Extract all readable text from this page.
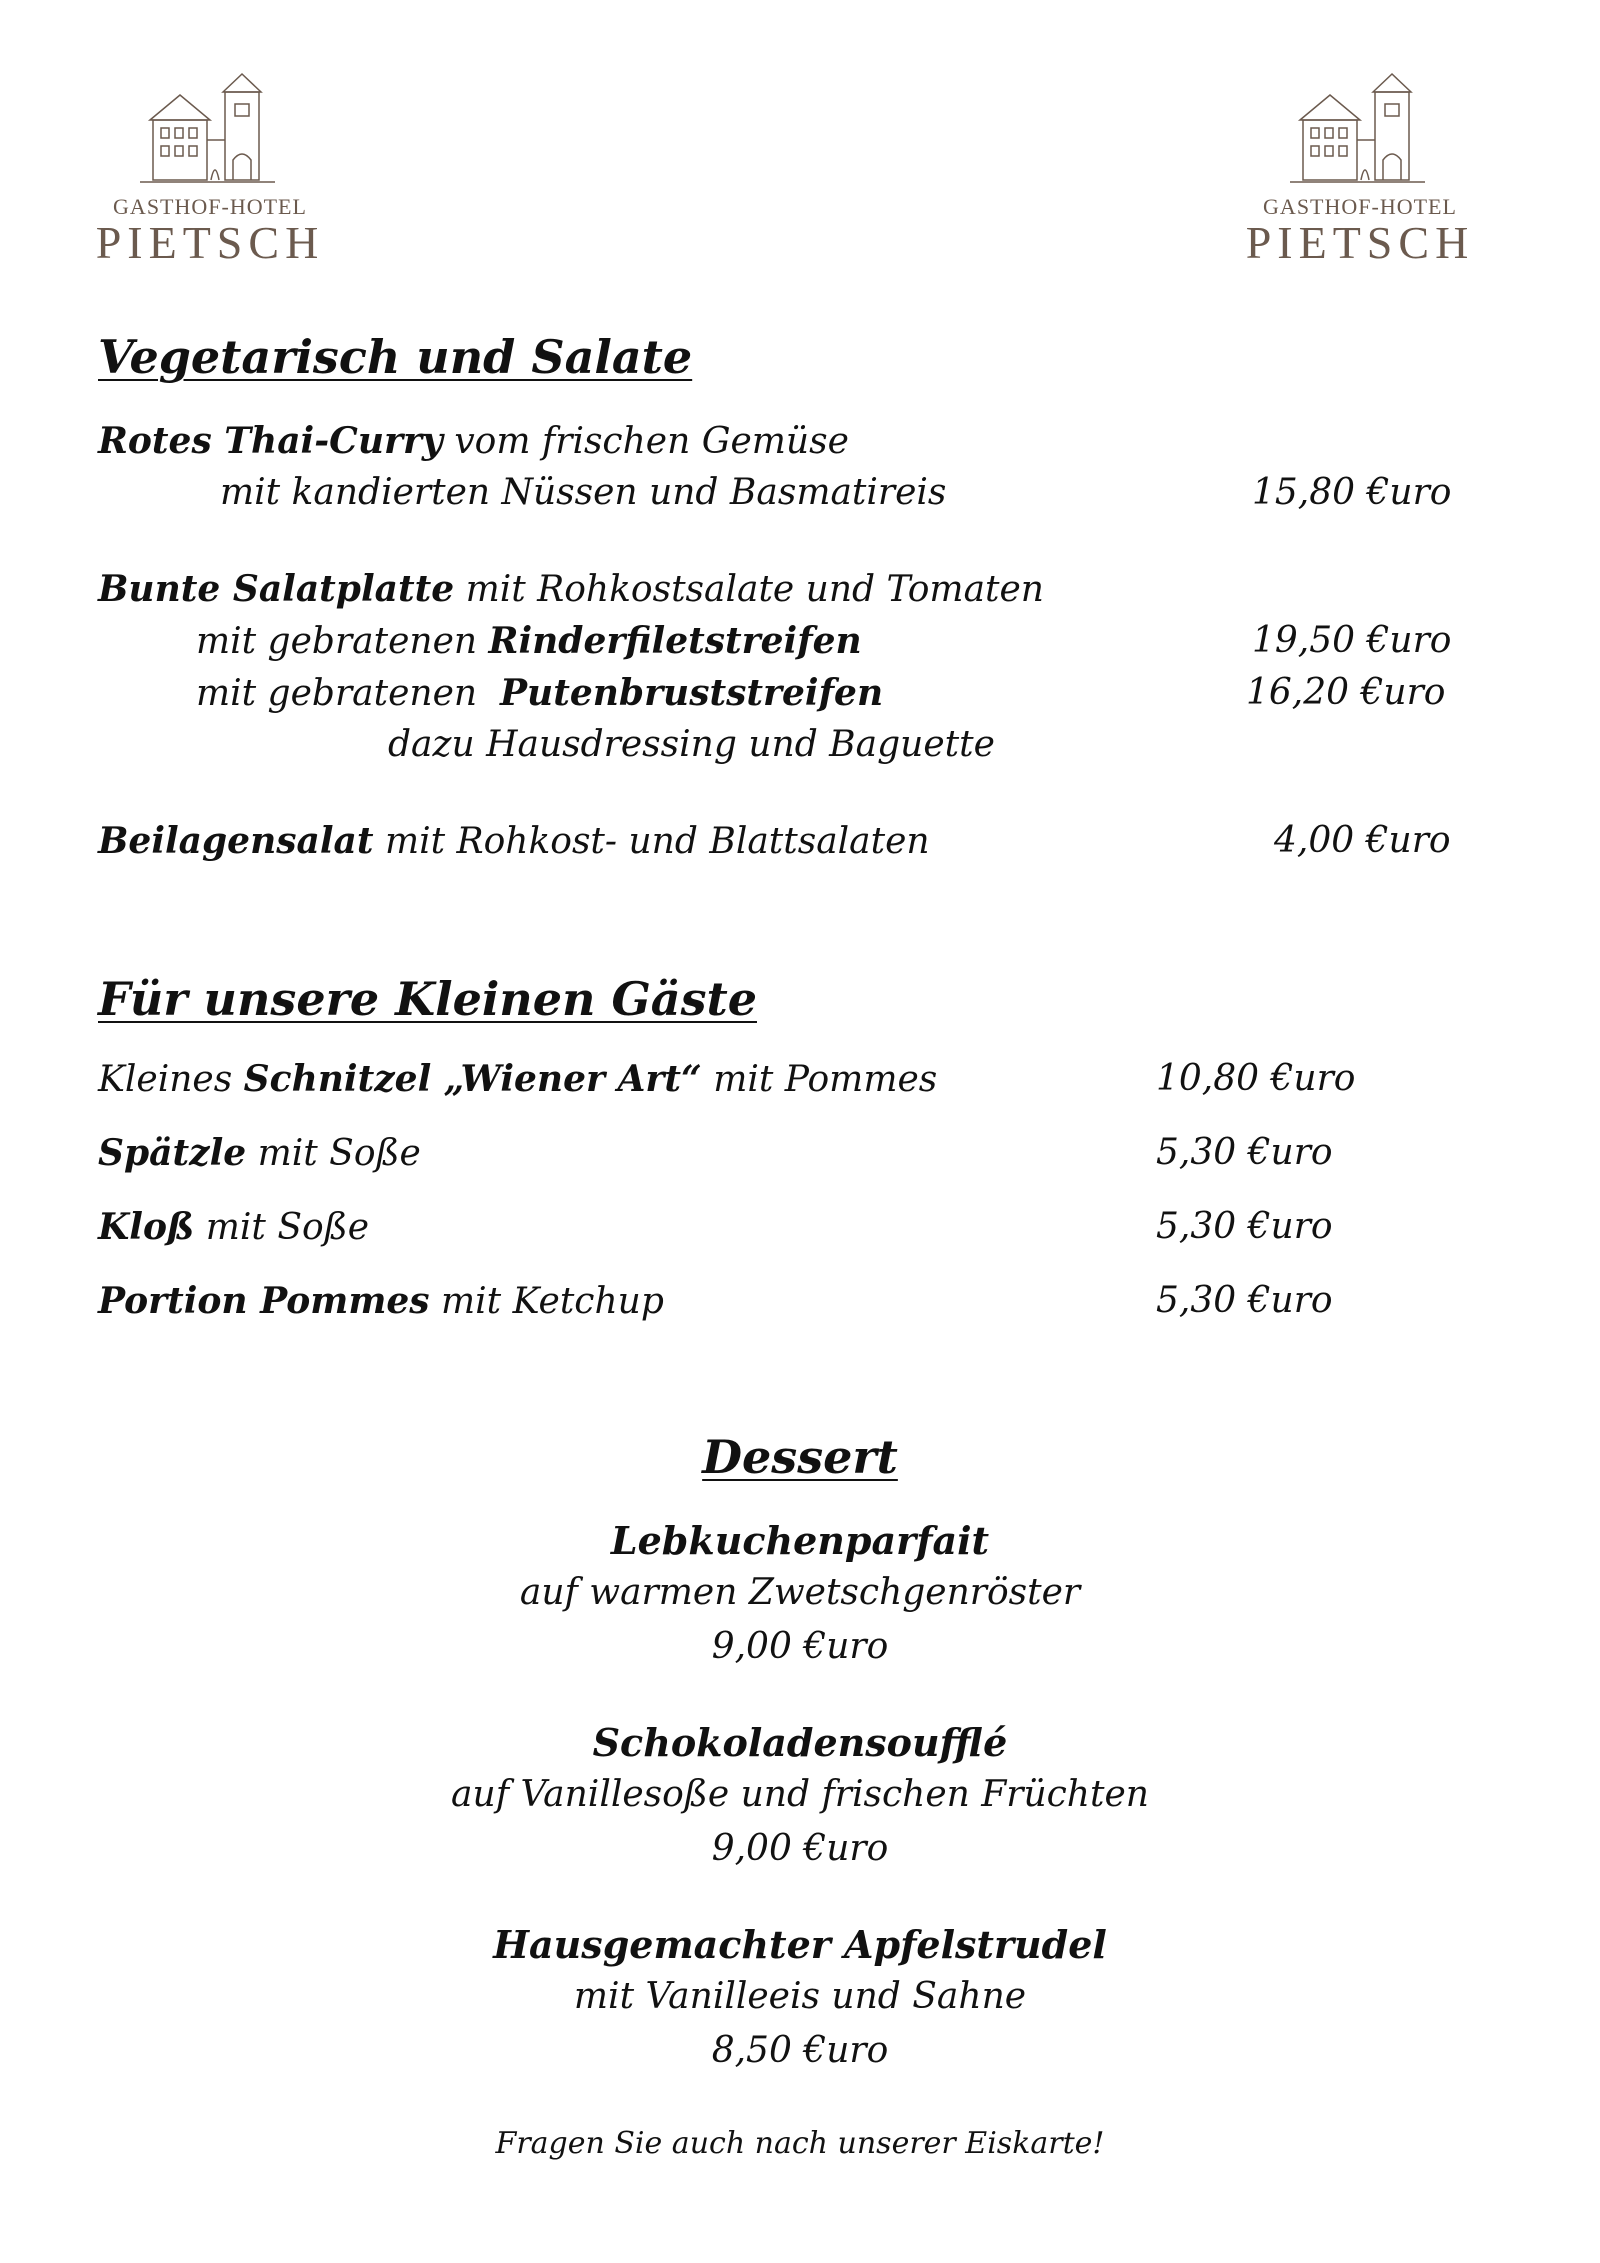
GASTHOF-HOTEL
PIETSCH
GASTHOF-HOTEL
PIETSCH
Vegetarisch und Salate
Rotes Thai-Curry vom frischen Gemüse
mit kandierten Nüssen und Basmatireis	15,80 €uro
Bunte Salatplatte mit Rohkostsalate und Tomaten
mit gebratenen Rinderfiletstreifen	19,50 €uro
mit gebratenen Putenbruststreifen	16,20 €uro
dazu Hausdressing und Baguette
Beilagensalat mit Rohkost- und Blattsalaten	4,00 €uro
Für unsere Kleinen Gäste
Kleines Schnitzel „Wiener Art“ mit Pommes	10,80 €uro
Spätzle mit Soße	5,30 €uro
Kloß mit Soße	5,30 €uro
Portion Pommes mit Ketchup	5,30 €uro
Dessert
Lebkuchenparfait
auf warmen Zwetschgenröster
9,00 €uro
Schokoladensoufflé
auf Vanillesoße und frischen Früchten
9,00 €uro
Hausgemachter Apfelstrudel
mit Vanilleeis und Sahne
8,50 €uro
Fragen Sie auch nach unserer Eiskarte!
